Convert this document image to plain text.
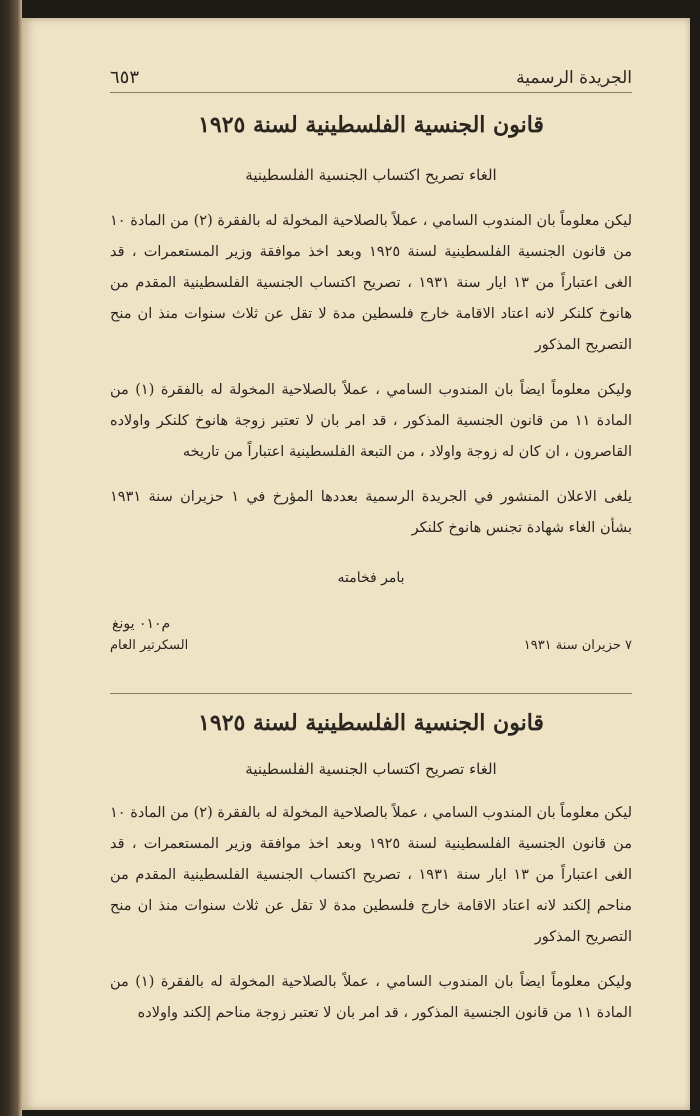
الجريدة الرسمية
٦٥٣
قانون الجنسية الفلسطينية لسنة ١٩٢٥
الغاء تصريح اكتساب الجنسية الفلسطينية

ليكن معلوماً بان المندوب السامي ، عملاً بالصلاحية المخولة له بالفقرة (٢) من المادة ١٠ من قانون الجنسية الفلسطينية لسنة ١٩٢٥ وبعد اخذ موافقة وزير المستعمرات ، قد الغى اعتباراً من ١٣ ايار سنة ١٩٣١ ، تصريح اكتساب الجنسية الفلسطينية المقدم من هانوخ كلنكر لانه اعتاد الاقامة خارج فلسطين مدة لا تقل عن ثلاث سنوات منذ ان منح التصريح المذكور

وليكن معلوماً ايضاً بان المندوب السامي ، عملاً بالصلاحية المخولة له بالفقرة (١) من المادة ١١ من قانون الجنسية المذكور ، قد امر بان لا تعتبر زوجة هانوخ كلنكر واولاده القاصرون ، ان كان له زوجة واولاد ، من التبعة الفلسطينية اعتباراً من تاريخه

يلغى الاعلان المنشور في الجريدة الرسمية بعددها المؤرخ في ١ حزيران سنة ١٩٣١ بشأن الغاء شهادة تجنس هانوخ كلنكر

بامر فخامته
م٠١٠ يونغ
٧ حزيران سنة ١٩٣١
السكرتير العام
قانون الجنسية الفلسطينية لسنة ١٩٢٥
الغاء تصريح اكتساب الجنسية الفلسطينية

ليكن معلوماً بان المندوب السامي ، عملاً بالصلاحية المخولة له بالفقرة (٢) من المادة ١٠ من قانون الجنسية الفلسطينية لسنة ١٩٢٥ وبعد اخذ موافقة وزير المستعمرات ، قد الغى اعتباراً من ١٣ ايار سنة ١٩٣١ ، تصريح اكتساب الجنسية الفلسطينية المقدم من مناحم إلكند لانه اعتاد الاقامة خارج فلسطين مدة لا تقل عن ثلاث سنوات منذ ان منح التصريح المذكور

وليكن معلوماً ايضاً بان المندوب السامي ، عملاً بالصلاحية المخولة له بالفقرة (١) من المادة ١١ من قانون الجنسية المذكور ، قد امر بان لا تعتبر زوجة مناحم إلكند واولاده
